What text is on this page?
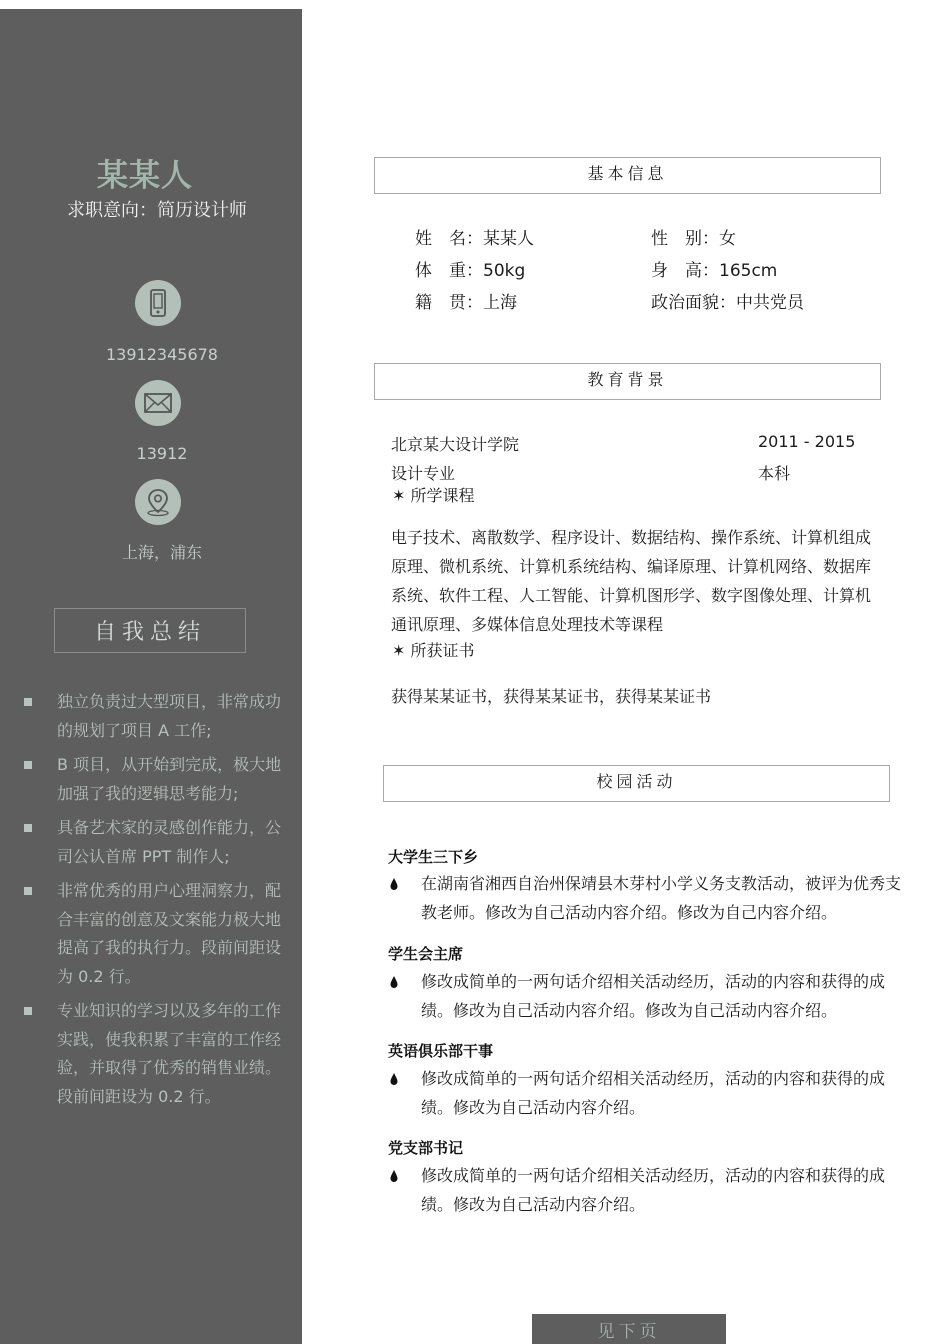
某某人
求职意向：简历设计师
13912345678
13912
上海，浦东
自我总结
独立负责过大型项目，非常成功的规划了项目 A 工作;
B 项目，从开始到完成，极大地加强了我的逻辑思考能力;
具备艺术家的灵感创作能力，公司公认首席 PPT 制作人;
非常优秀的用户心理洞察力，配合丰富的创意及文案能力极大地提高了我的执行力。段前间距设为 0.2 行。
专业知识的学习以及多年的工作实践，使我积累了丰富的工作经验，并取得了优秀的销售业绩。段前间距设为 0.2 行。
基本信息
姓　名：某某人	性　别：女
体　重：50kg	身　高：165cm
籍　贯：上海	政治面貌：中共党员
教育背景
北京某大设计学院	2011 - 2015
设计专业	本科
✶ 所学课程
电子技术、离散数学、程序设计、数据结构、操作系统、计算机组成原理、微机系统、计算机系统结构、编译原理、计算机网络、数据库系统、软件工程、人工智能、计算机图形学、数字图像处理、计算机通讯原理、多媒体信息处理技术等课程
✶ 所获证书
获得某某证书，获得某某证书，获得某某证书
校园活动
大学生三下乡
在湖南省湘西自治州保靖县木芽村小学义务支教活动，被评为优秀支教老师。修改为自己活动内容介绍。修改为自己内容介绍。
学生会主席
修改成简单的一两句话介绍相关活动经历，活动的内容和获得的成绩。修改为自己活动内容介绍。修改为自己活动内容介绍。
英语俱乐部干事
修改成简单的一两句话介绍相关活动经历，活动的内容和获得的成绩。修改为自己活动内容介绍。
党支部书记
修改成简单的一两句话介绍相关活动经历，活动的内容和获得的成绩。修改为自己活动内容介绍。
见下页
